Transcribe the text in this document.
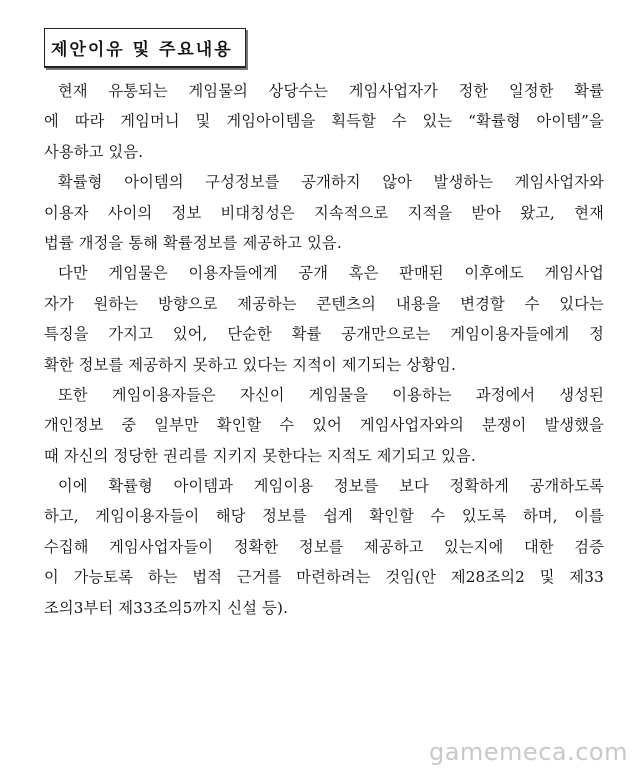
제안이유 및 주요내용
현재 유통되는 게임물의 상당수는 게임사업자가 정한 일정한 확률
에 따라 게임머니 및 게임아이템을 획득할 수 있는 “확률형 아이템”을
사용하고 있음.
확률형 아이템의 구성정보를 공개하지 않아 발생하는 게임사업자와
이용자 사이의 정보 비대칭성은 지속적으로 지적을 받아 왔고, 현재
법률 개정을 통해 확률정보를 제공하고 있음.
다만 게임물은 이용자들에게 공개 혹은 판매된 이후에도 게임사업
자가 원하는 방향으로 제공하는 콘텐츠의 내용을 변경할 수 있다는
특징을 가지고 있어, 단순한 확률 공개만으로는 게임이용자들에게 정
확한 정보를 제공하지 못하고 있다는 지적이 제기되는 상황임.
또한 게임이용자들은 자신이 게임물을 이용하는 과정에서 생성된
개인정보 중 일부만 확인할 수 있어 게임사업자와의 분쟁이 발생했을
때 자신의 정당한 권리를 지키지 못한다는 지적도 제기되고 있음.
이에 확률형 아이템과 게임이용 정보를 보다 정확하게 공개하도록
하고, 게임이용자들이 해당 정보를 쉽게 확인할 수 있도록 하며, 이를
수집해 게임사업자들이 정확한 정보를 제공하고 있는지에 대한 검증
이 가능토록 하는 법적 근거를 마련하려는 것임(안 제28조의2 및 제33
조의3부터 제33조의5까지 신설 등).
gamemeca.com
